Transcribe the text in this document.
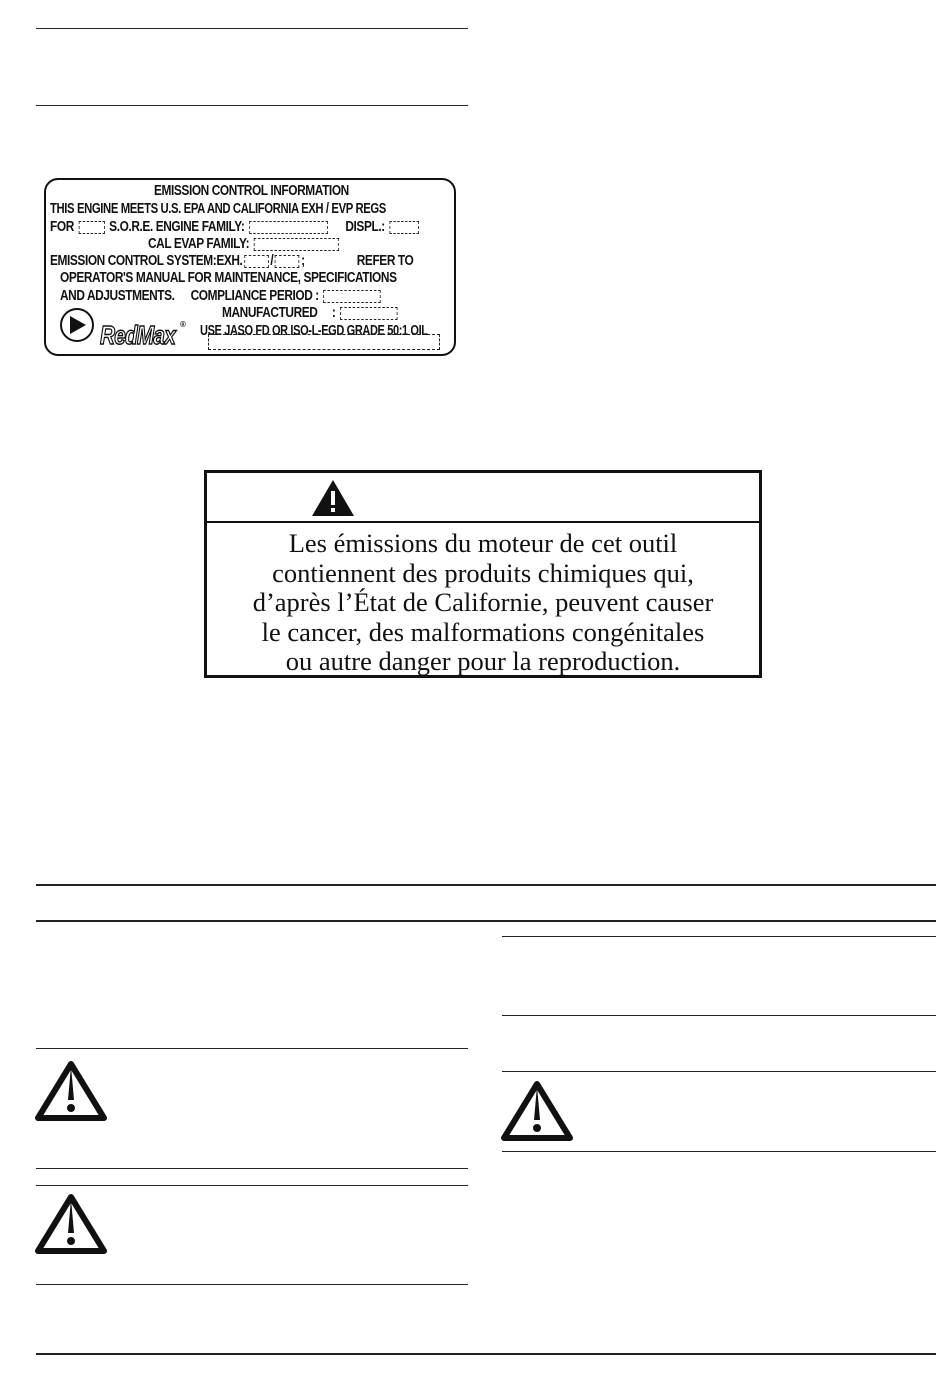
EMISSION CONTROL INFORMATION
THIS ENGINE MEETS U.S. EPA AND CALIFORNIA EXH / EVP REGS
FOR S.O.R.E. ENGINE FAMILY:	DISPL.:
CAL EVAP FAMILY:
EMISSION CONTROL SYSTEM:EXH. / ;	REFER TO
OPERATOR'S MANUAL FOR MAINTENANCE, SPECIFICATIONS
AND ADJUSTMENTS. COMPLIANCE PERIOD :
MANUFACTURED :
USE JASO FD OR ISO-L-EGD GRADE 50:1 OIL
RedMax ®
Les émissions du moteur de cet outil
contiennent des produits chimiques qui,
d’après l’État de Californie, peuvent causer
le cancer, des malformations congénitales
ou autre danger pour la reproduction.
